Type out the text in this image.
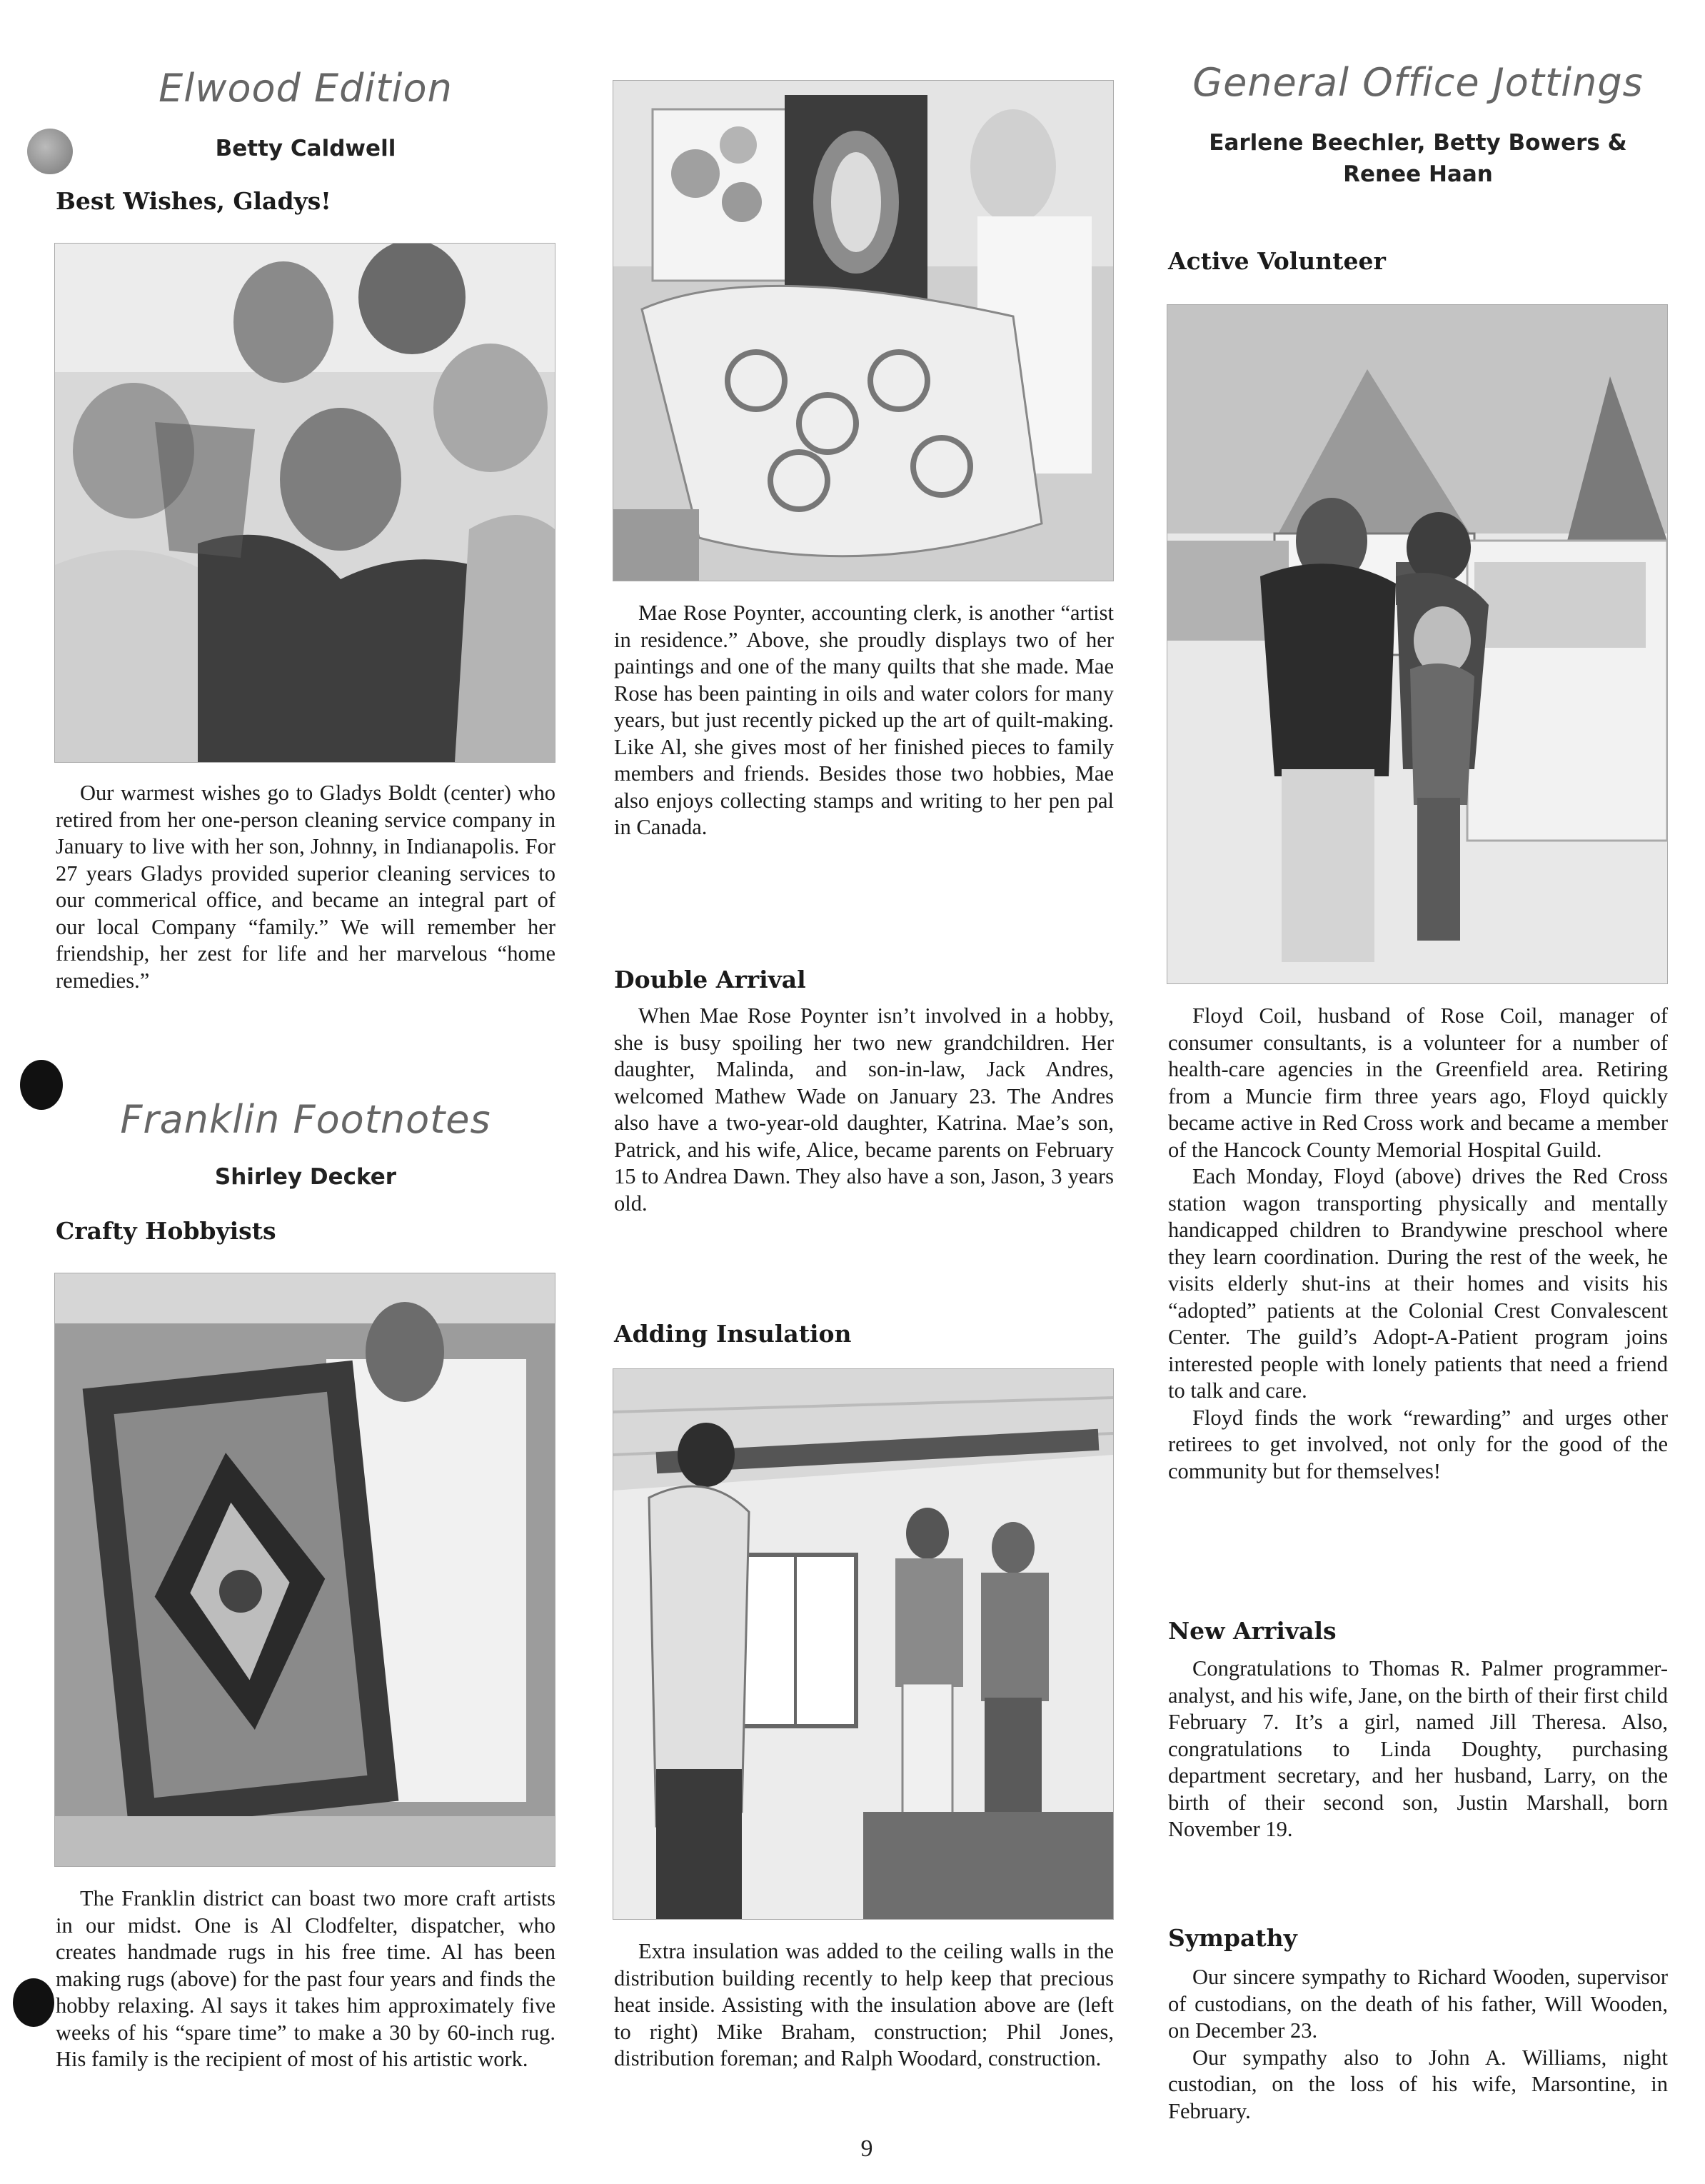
Elwood Edition
Betty Caldwell
Best Wishes, Gladys!

Our warmest wishes go to Gladys Boldt (center) who retired from her one-person cleaning service company in January to live with her son, Johnny, in Indianapolis. For 27 years Gladys provided superior cleaning services to our commerical office, and became an integral part of our local Company “family.” We will remember her friendship, her zest for life and her marvelous “home remedies.”

Franklin Footnotes
Shirley Decker
Crafty Hobbyists

The Franklin district can boast two more craft artists in our midst. One is Al Clodfelter, dispatcher, who creates handmade rugs in his free time. Al has been making rugs (above) for the past four years and finds the hobby relaxing. Al says it takes him approximately five weeks of his “spare time” to make a 30 by 60-inch rug. His family is the recipient of most of his artistic work.

Mae Rose Poynter, accounting clerk, is another “artist in residence.” Above, she proudly displays two of her paintings and one of the many quilts that she made. Mae Rose has been painting in oils and water colors for many years, but just recently picked up the art of quilt-making. Like Al, she gives most of her finished pieces to family members and friends. Besides those two hobbies, Mae also enjoys collecting stamps and writing to her pen pal in Canada.

Double Arrival

When Mae Rose Poynter isn’t involved in a hobby, she is busy spoiling her two new grandchildren. Her daughter, Malinda, and son-in-law, Jack Andres, welcomed Mathew Wade on January 23. The Andres also have a two-year-old daughter, Katrina. Mae’s son, Patrick, and his wife, Alice, became parents on February 15 to Andrea Dawn. They also have a son, Jason, 3 years old.

Adding Insulation

Extra insulation was added to the ceiling walls in the distribution building recently to help keep that precious heat inside. Assisting with the insulation above are (left to right) Mike Braham, construction; Phil Jones, distribution foreman; and Ralph Woodard, construction.

General Office Jottings
Earlene Beechler, Betty Bowers &
Renee Haan
Active Volunteer

Floyd Coil, husband of Rose Coil, manager of consumer consultants, is a volunteer for a number of health-care agencies in the Greenfield area. Retiring from a Muncie firm three years ago, Floyd quickly became active in Red Cross work and became a member of the Hancock County Memorial Hospital Guild.

Each Monday, Floyd (above) drives the Red Cross station wagon transporting physically and mentally handicapped children to Brandywine preschool where they learn coordination. During the rest of the week, he visits elderly shut-ins at their homes and visits his “adopted” patients at the Colonial Crest Convalescent Center. The guild’s Adopt-A-Patient program joins interested people with lonely patients that need a friend to talk and care.

Floyd finds the work “rewarding” and urges other retirees to get involved, not only for the good of the community but for themselves!

New Arrivals

Congratulations to Thomas R. Palmer programmer-analyst, and his wife, Jane, on the birth of their first child February 7. It’s a girl, named Jill Theresa. Also, congratulations to Linda Doughty, purchasing department secretary, and her husband, Larry, on the birth of their second son, Justin Marshall, born November 19.

Sympathy

Our sincere sympathy to Richard Wooden, supervisor of custodians, on the death of his father, Will Wooden, on December 23.

Our sympathy also to John A. Williams, night custodian, on the loss of his wife, Marsontine, in February.

9
